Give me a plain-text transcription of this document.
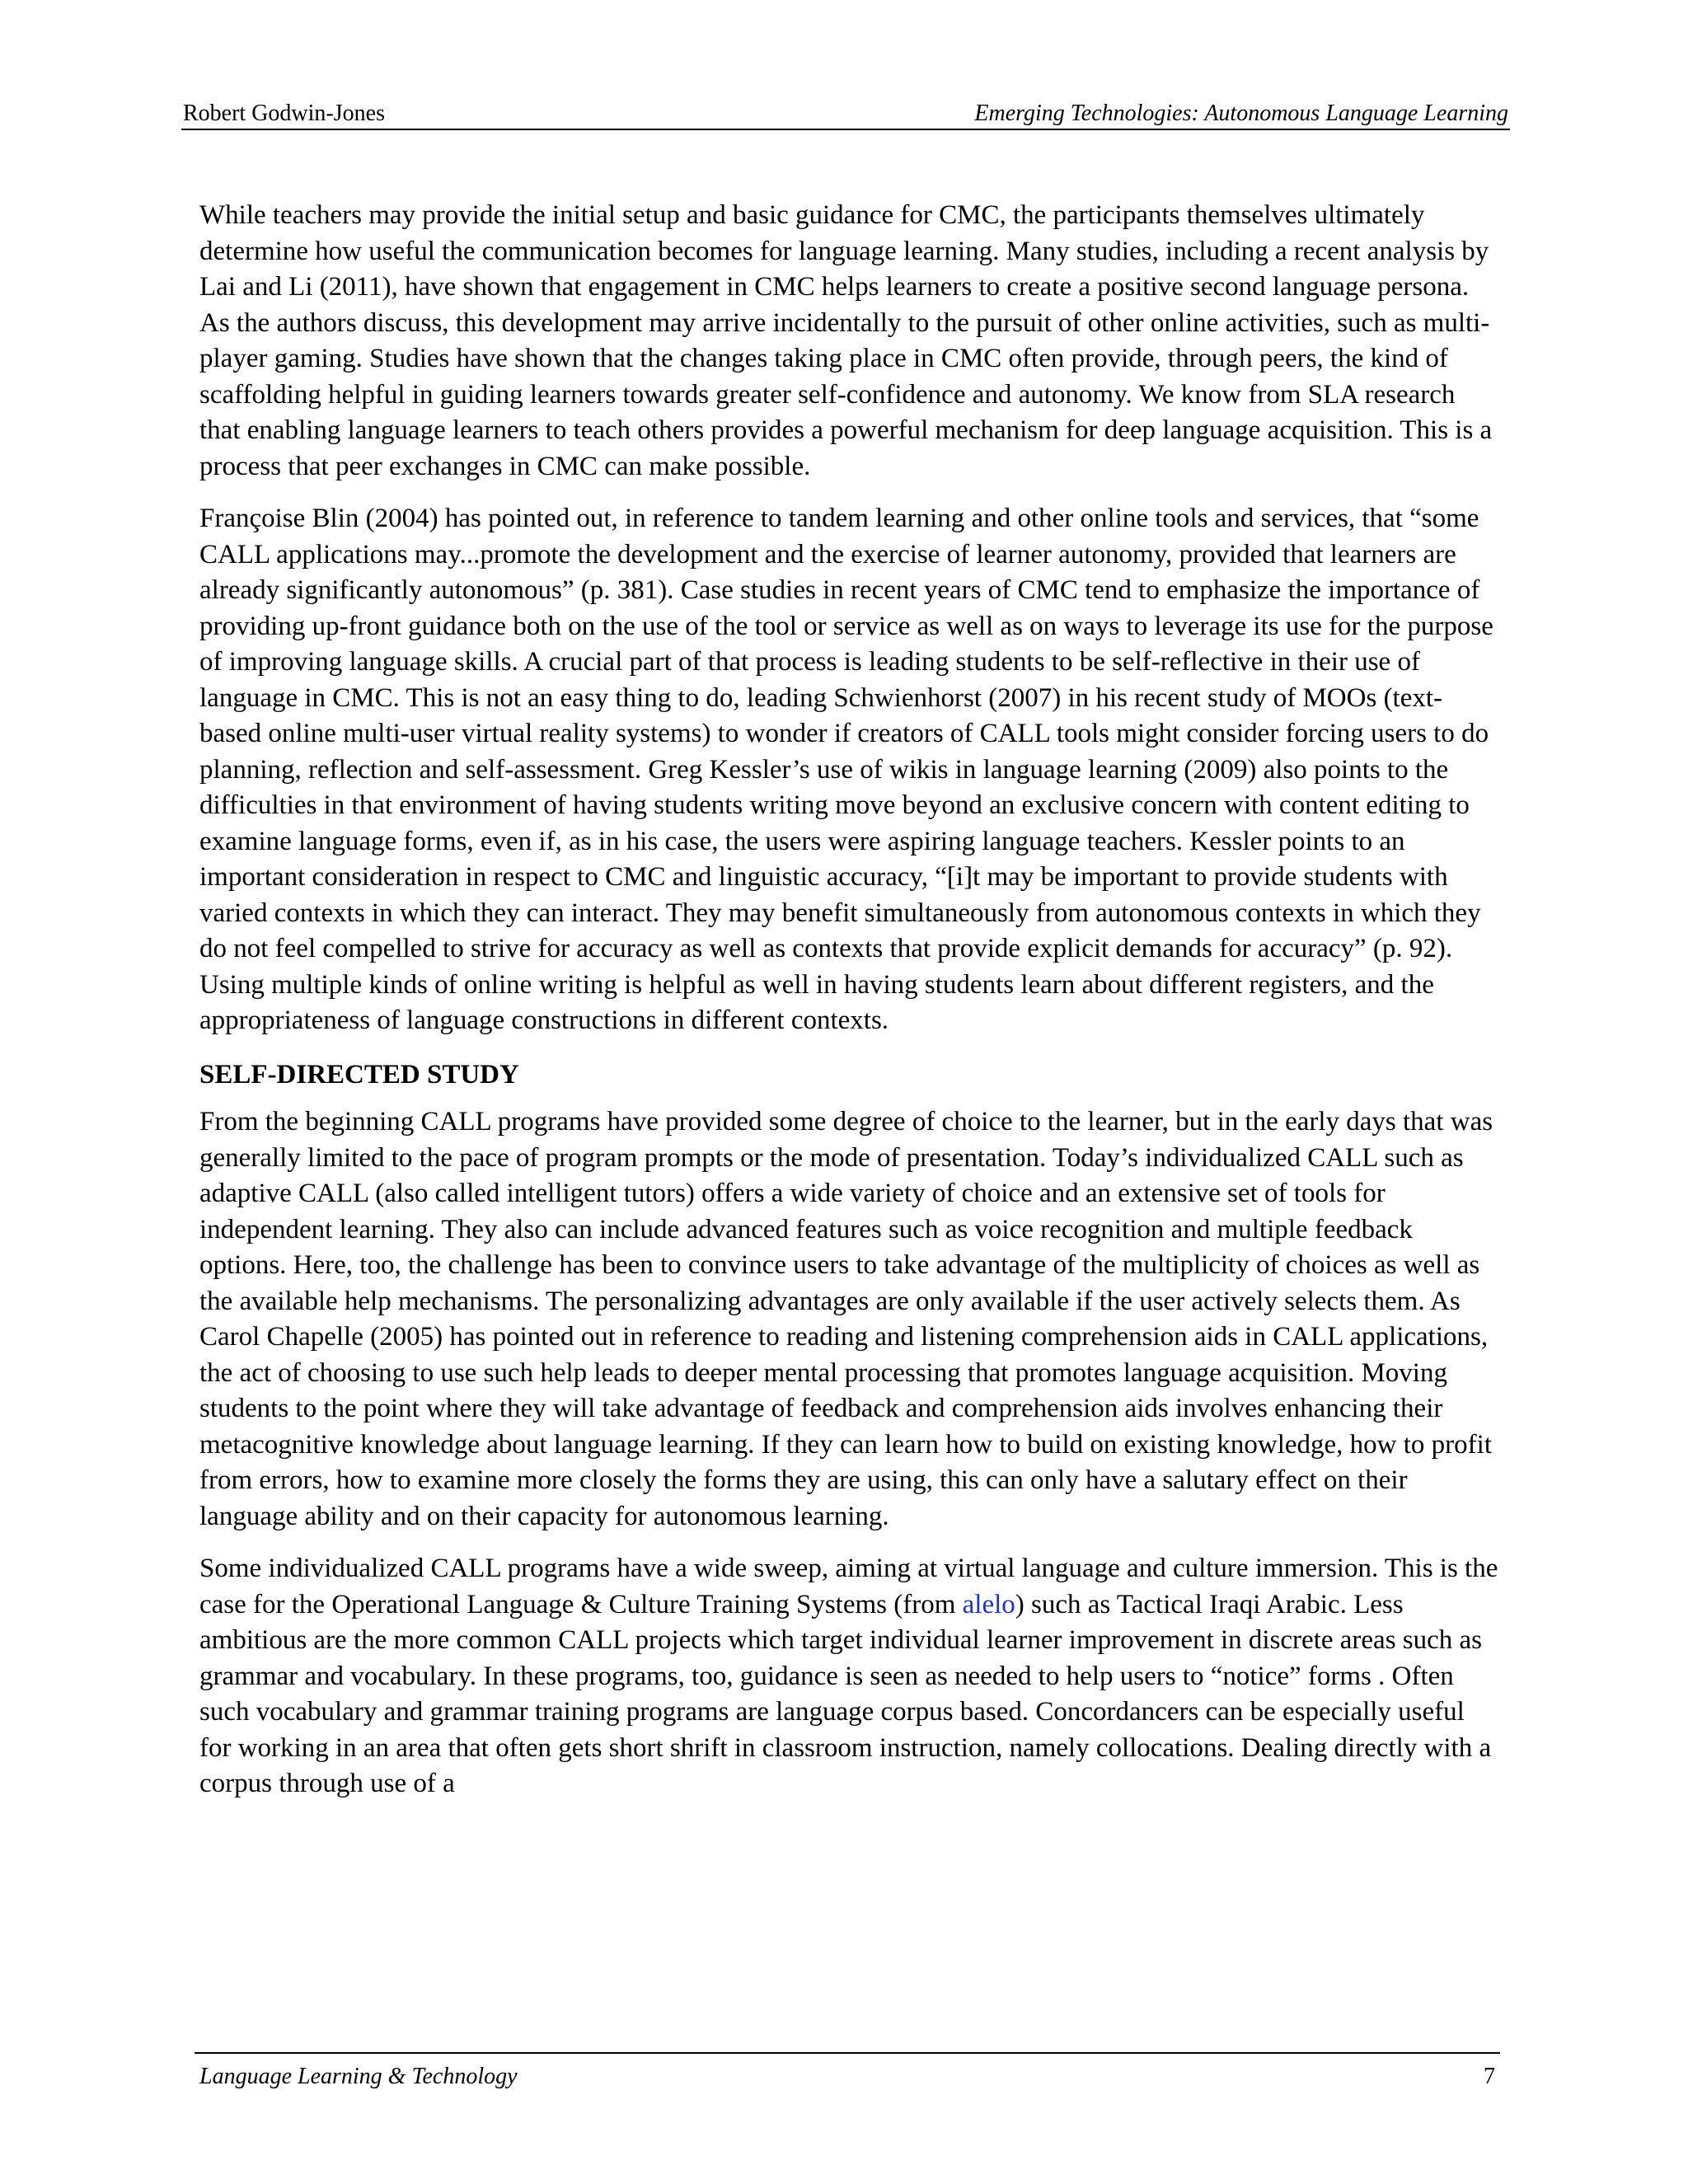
Robert Godwin-Jones	Emerging Technologies: Autonomous Language Learning

While teachers may provide the initial setup and basic guidance for CMC, the participants themselves ultimately determine how useful the communication becomes for language learning. Many studies, including a recent analysis by Lai and Li (2011), have shown that engagement in CMC helps learners to create a positive second language persona. As the authors discuss, this development may arrive incidentally to the pursuit of other online activities, such as multi-player gaming. Studies have shown that the changes taking place in CMC often provide, through peers, the kind of scaffolding helpful in guiding learners towards greater self-confidence and autonomy. We know from SLA research that enabling language learners to teach others provides a powerful mechanism for deep language acquisition. This is a process that peer exchanges in CMC can make possible.

Françoise Blin (2004) has pointed out, in reference to tandem learning and other online tools and services, that “some CALL applications may...promote the development and the exercise of learner autonomy, provided that learners are already significantly autonomous” (p. 381). Case studies in recent years of CMC tend to emphasize the importance of providing up-front guidance both on the use of the tool or service as well as on ways to leverage its use for the purpose of improving language skills. A crucial part of that process is leading students to be self-reflective in their use of language in CMC. This is not an easy thing to do, leading Schwienhorst (2007) in his recent study of MOOs (text-based online multi-user virtual reality systems) to wonder if creators of CALL tools might consider forcing users to do planning, reflection and self-assessment. Greg Kessler’s use of wikis in language learning (2009) also points to the difficulties in that environment of having students writing move beyond an exclusive concern with content editing to examine language forms, even if, as in his case, the users were aspiring language teachers. Kessler points to an important consideration in respect to CMC and linguistic accuracy, “[i]t may be important to provide students with varied contexts in which they can interact. They may benefit simultaneously from autonomous contexts in which they do not feel compelled to strive for accuracy as well as contexts that provide explicit demands for accuracy” (p. 92). Using multiple kinds of online writing is helpful as well in having students learn about different registers, and the appropriateness of language constructions in different contexts.

SELF-DIRECTED STUDY

From the beginning CALL programs have provided some degree of choice to the learner, but in the early days that was generally limited to the pace of program prompts or the mode of presentation. Today’s individualized CALL such as adaptive CALL (also called intelligent tutors) offers a wide variety of choice and an extensive set of tools for independent learning. They also can include advanced features such as voice recognition and multiple feedback options. Here, too, the challenge has been to convince users to take advantage of the multiplicity of choices as well as the available help mechanisms. The personalizing advantages are only available if the user actively selects them. As Carol Chapelle (2005) has pointed out in reference to reading and listening comprehension aids in CALL applications, the act of choosing to use such help leads to deeper mental processing that promotes language acquisition. Moving students to the point where they will take advantage of feedback and comprehension aids involves enhancing their metacognitive knowledge about language learning. If they can learn how to build on existing knowledge, how to profit from errors, how to examine more closely the forms they are using, this can only have a salutary effect on their language ability and on their capacity for autonomous learning.

Some individualized CALL programs have a wide sweep, aiming at virtual language and culture immersion. This is the case for the Operational Language & Culture Training Systems (from alelo) such as Tactical Iraqi Arabic. Less ambitious are the more common CALL projects which target individual learner improvement in discrete areas such as grammar and vocabulary. In these programs, too, guidance is seen as needed to help users to “notice” forms . Often such vocabulary and grammar training programs are language corpus based. Concordancers can be especially useful for working in an area that often gets short shrift in classroom instruction, namely collocations. Dealing directly with a corpus through use of a

Language Learning & Technology	7
